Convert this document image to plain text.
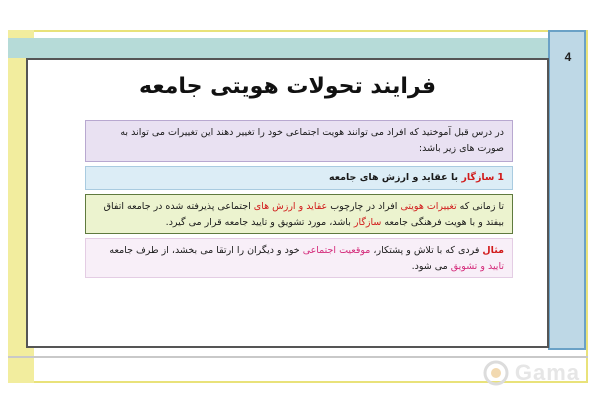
4
فرایند تحولات هویتی جامعه
در درس قبل آموختید که افراد می توانند هویت اجتماعی خود را تغییر دهند این تغییرات می تواند به صورت های زیر باشد:
1 سازگار با عقاید و ارزش های جامعه
تا زمانی که تغییرات هویتی افراد در چارچوب عقاید و ارزش های اجتماعی پذیرفته شده در جامعه اتفاق بیفتد و با هویت فرهنگی جامعه سازگار باشد، مورد تشویق و تایید جامعه قرار می گیرد.
مثال فردی که با تلاش و پشتکار، موقعیت اجتماعی خود و دیگران را ارتقا می بخشد، از طرف جامعه تایید و تشویق می شود.
Gama
